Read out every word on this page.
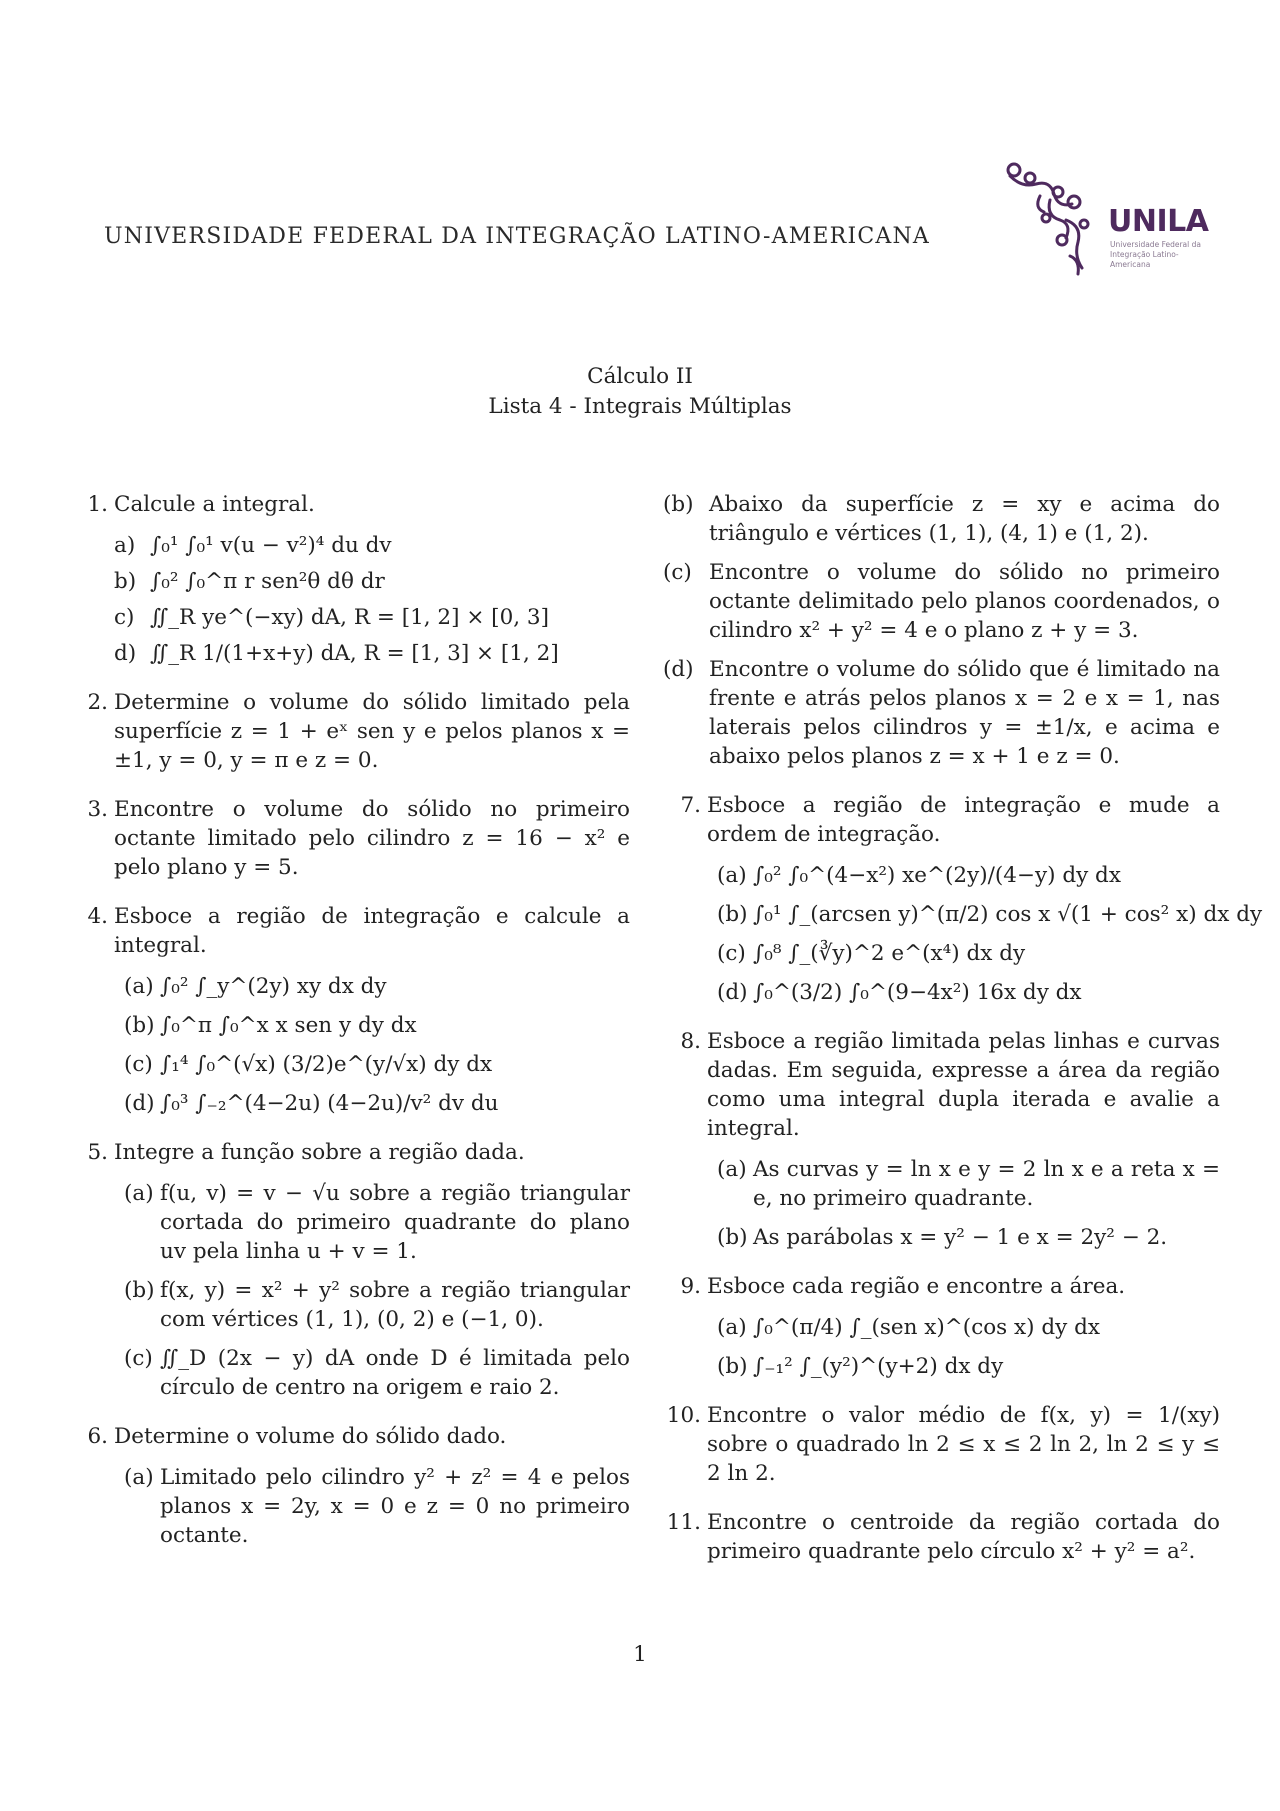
UNIVERSIDADE FEDERAL DA INTEGRAÇÃO LATINO-AMERICANA	UNILA
Universidade Federal da Integração Latino-Americana
Cálculo II
Lista 4 - Integrais Múltiplas
1. Calcule a integral.
a) ∫₀¹ ∫₀¹ v(u − v²)⁴ du dv
b) ∫₀² ∫₀^π r sen²θ dθ dr
c) ∬_R ye^(−xy) dA, R = [1, 2] × [0, 3]
d) ∬_R 1/(1+x+y) dA, R = [1, 3] × [1, 2]
2. Determine o volume do sólido limitado pela superfície z = 1 + eˣ sen y e pelos planos x = ±1, y = 0, y = π e z = 0.
3. Encontre o volume do sólido no primeiro octante limitado pelo cilindro z = 16 − x² e pelo plano y = 5.
4. Esboce a região de integração e calcule a integral.
(a) ∫₀² ∫_y^(2y) xy dx dy
(b) ∫₀^π ∫₀^x x sen y dy dx
(c) ∫₁⁴ ∫₀^(√x) (3/2)e^(y/√x) dy dx
(d) ∫₀³ ∫₋₂^(4−2u) (4−2u)/v² dv du
5. Integre a função sobre a região dada.
(a) f(u, v) = v − √u sobre a região triangular cortada do primeiro quadrante do plano uv pela linha u + v = 1.
(b) f(x, y) = x² + y² sobre a região triangular com vértices (1, 1), (0, 2) e (−1, 0).
(c) ∬_D (2x − y) dA onde D é limitada pelo círculo de centro na origem e raio 2.
6. Determine o volume do sólido dado.
(a) Limitado pelo cilindro y² + z² = 4 e pelos planos x = 2y, x = 0 e z = 0 no primeiro octante.
(b) Abaixo da superfície z = xy e acima do triângulo e vértices (1, 1), (4, 1) e (1, 2).
(c) Encontre o volume do sólido no primeiro octante delimitado pelo planos coordenados, o cilindro x² + y² = 4 e o plano z + y = 3.
(d) Encontre o volume do sólido que é limitado na frente e atrás pelos planos x = 2 e x = 1, nas laterais pelos cilindros y = ±1/x, e acima e abaixo pelos planos z = x + 1 e z = 0.
7. Esboce a região de integração e mude a ordem de integração.
(a) ∫₀² ∫₀^(4−x²) xe^(2y)/(4−y) dy dx
(b) ∫₀¹ ∫_(arcsen y)^(π/2) cos x √(1 + cos² x) dx dy
(c) ∫₀⁸ ∫_(∛y)^2 e^(x⁴) dx dy
(d) ∫₀^(3/2) ∫₀^(9−4x²) 16x dy dx
8. Esboce a região limitada pelas linhas e curvas dadas. Em seguida, expresse a área da região como uma integral dupla iterada e avalie a integral.
(a) As curvas y = ln x e y = 2 ln x e a reta x = e, no primeiro quadrante.
(b) As parábolas x = y² − 1 e x = 2y² − 2.
9. Esboce cada região e encontre a área.
(a) ∫₀^(π/4) ∫_(sen x)^(cos x) dy dx
(b) ∫₋₁² ∫_(y²)^(y+2) dx dy
10. Encontre o valor médio de f(x, y) = 1/(xy) sobre o quadrado ln 2 ≤ x ≤ 2 ln 2, ln 2 ≤ y ≤ 2 ln 2.
11. Encontre o centroide da região cortada do primeiro quadrante pelo círculo x² + y² = a².
1
